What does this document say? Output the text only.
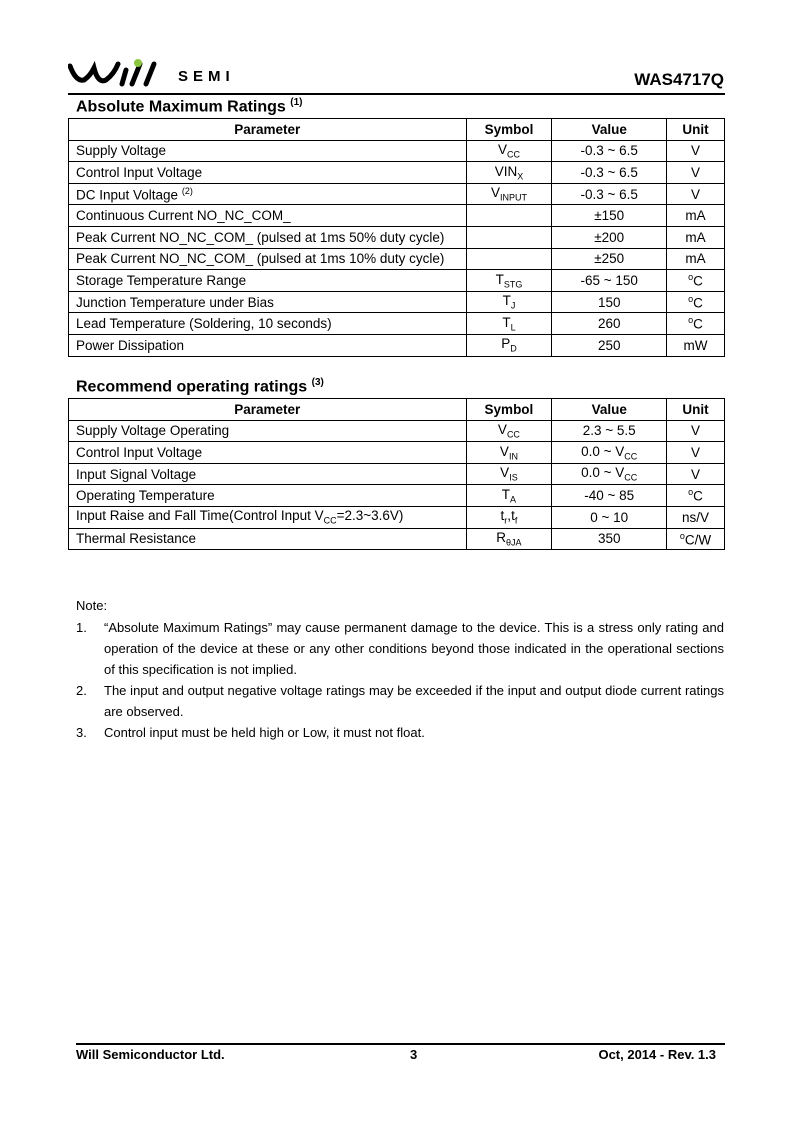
SEMI	WAS4717Q
Absolute Maximum Ratings $^{(1)}$
Parameter	Symbol	Value	Unit
Supply Voltage	$V_{CC}$	-0.3 ~ 6.5	V
Control Input Voltage	$VIN_X$	-0.3 ~ 6.5	V
DC Input Voltage $^{(2)}$	$V_{INPUT}$	-0.3 ~ 6.5	V
Continuous Current NO_NC_COM_		±150	mA
Peak Current NO_NC_COM_ (pulsed at 1ms 50% duty cycle)		±200	mA
Peak Current NO_NC_COM_ (pulsed at 1ms 10% duty cycle)		±250	mA
Storage Temperature Range	$T_{STG}$	-65 ~ 150	$^o$C
Junction Temperature under Bias	$T_J$	150	$^o$C
Lead Temperature (Soldering, 10 seconds)	$T_L$	260	$^o$C
Power Dissipation	$P_D$	250	mW
Recommend operating ratings $^{(3)}$
Parameter	Symbol	Value	Unit
Supply Voltage Operating	$V_{CC}$	2.3 ~ 5.5	V
Control Input Voltage	$V_{IN}$	0.0 ~ $V_{CC}$	V
Input Signal Voltage	$V_{IS}$	0.0 ~ $V_{CC}$	V
Operating Temperature	$T_A$	-40 ~ 85	$^o$C
Input Raise and Fall Time(Control Input $V_{CC}=2.3\sim 3.6V$)	$t_r,t_f$	0 ~ 10	ns/V
Thermal Resistance	$R_{\theta JA}$	350	$^o$C/W
Note:
1.	“Absolute Maximum Ratings” may cause permanent damage to the device. This is a stress only rating and operation of the device at these or any other conditions beyond those indicated in the operational sections of this specification is not implied.
2.	The input and output negative voltage ratings may be exceeded if the input and output diode current ratings are observed.
3.	Control input must be held high or Low, it must not float.
Will Semiconductor Ltd.	3	Oct, 2014 - Rev. 1.3
